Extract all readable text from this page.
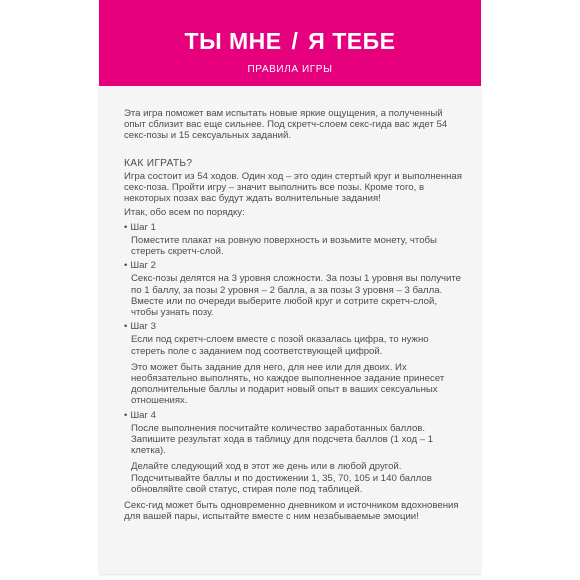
ТЫ МНЕ / Я ТЕБЕ
ПРАВИЛА ИГРЫ

Эта игра поможет вам испытать новые яркие ощущения, а полученный опыт сблизит вас еще сильнее. Под скретч-слоем секс-гида вас ждет 54 секс-позы и 15 сексуальных заданий.

КАК ИГРАТЬ?

Игра состоит из 54 ходов. Один ход – это один стертый круг и выполненная секс-поза. Пройти игру – значит выполнить все позы. Кроме того, в некоторых позах вас будут ждать волнительные задания!

Итак, обо всем по порядку:

• Шаг 1

Поместите плакат на ровную поверхность и возьмите монету, чтобы стереть скретч-слой.

• Шаг 2

Секс-позы делятся на 3 уровня сложности. За позы 1 уровня вы получите по 1 баллу, за позы 2 уровня – 2 балла, а за позы 3 уровня – 3 балла. Вместе или по очереди выберите любой круг и сотрите скретч-слой, чтобы узнать позу.

• Шаг 3

Если под скретч-слоем вместе с позой оказалась цифра, то нужно стереть поле с заданием под соответствующей цифрой.

Это может быть задание для него, для нее или для двоих. Их необязательно выполнять, но каждое выполненное задание принесет дополнительные баллы и подарит новый опыт в ваших сексуальных отношениях.

• Шаг 4

После выполнения посчитайте количество заработанных баллов. Запишите результат хода в таблицу для подсчета баллов (1 ход – 1 клетка).

Делайте следующий ход в этот же день или в любой другой. Подсчитывайте баллы и по достижении 1, 35, 70, 105 и 140 баллов обновляйте свой статус, стирая поле под таблицей.

Секс-гид может быть одновременно дневником и источником вдохновения для вашей пары, испытайте вместе с ним незабываемые эмоции!
